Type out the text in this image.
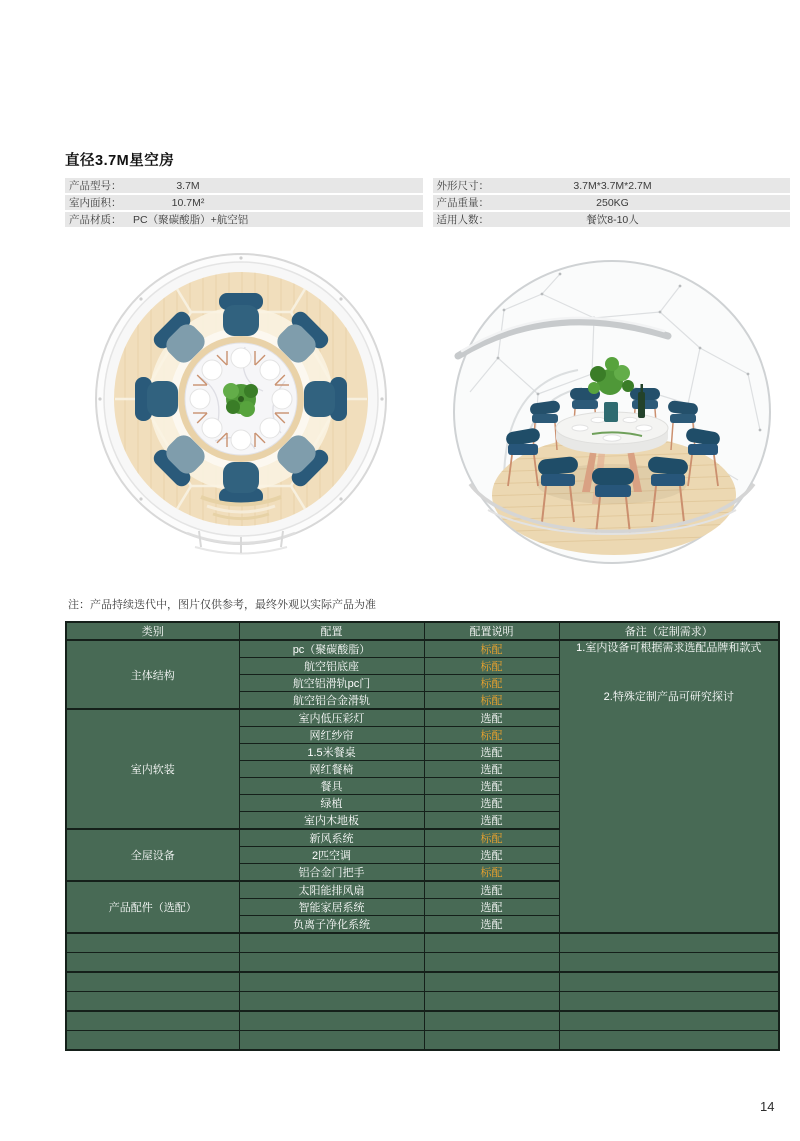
直径3.7M星空房
产品型号：	3.7M
室内面积：	10.7M²
产品材质：	PC（聚碳酸脂）+航空铝
外形尺寸：	3.7M*3.7M*2.7M
产品重量：	250KG
适用人数：	餐饮8-10人
注：产品持续迭代中，图片仅供参考，最终外观以实际产品为准
类别	配置	配置说明	备注（定制需求）
主体结构	pc（聚碳酸脂）	标配	1.室内设备可根据需求选配品牌和款式
2.特殊定制产品可研究探讨

	航空铝底座	标配	
	航空铝滑轨pc门	标配	
	航空铝合金滑轨	标配	
室内软装	室内低压彩灯	选配	
	网红纱帘	标配	
	1.5米餐桌	选配	
	网红餐椅	选配	
	餐具	选配	
	绿植	选配	
	室内木地板	选配	
全屋设备	新风系统	标配	
	2匹空调	选配	
	铝合金门把手	标配	
产品配件（选配）	太阳能排风扇	选配	
	智能家居系统	选配	
	负离子净化系统	选配	

14
